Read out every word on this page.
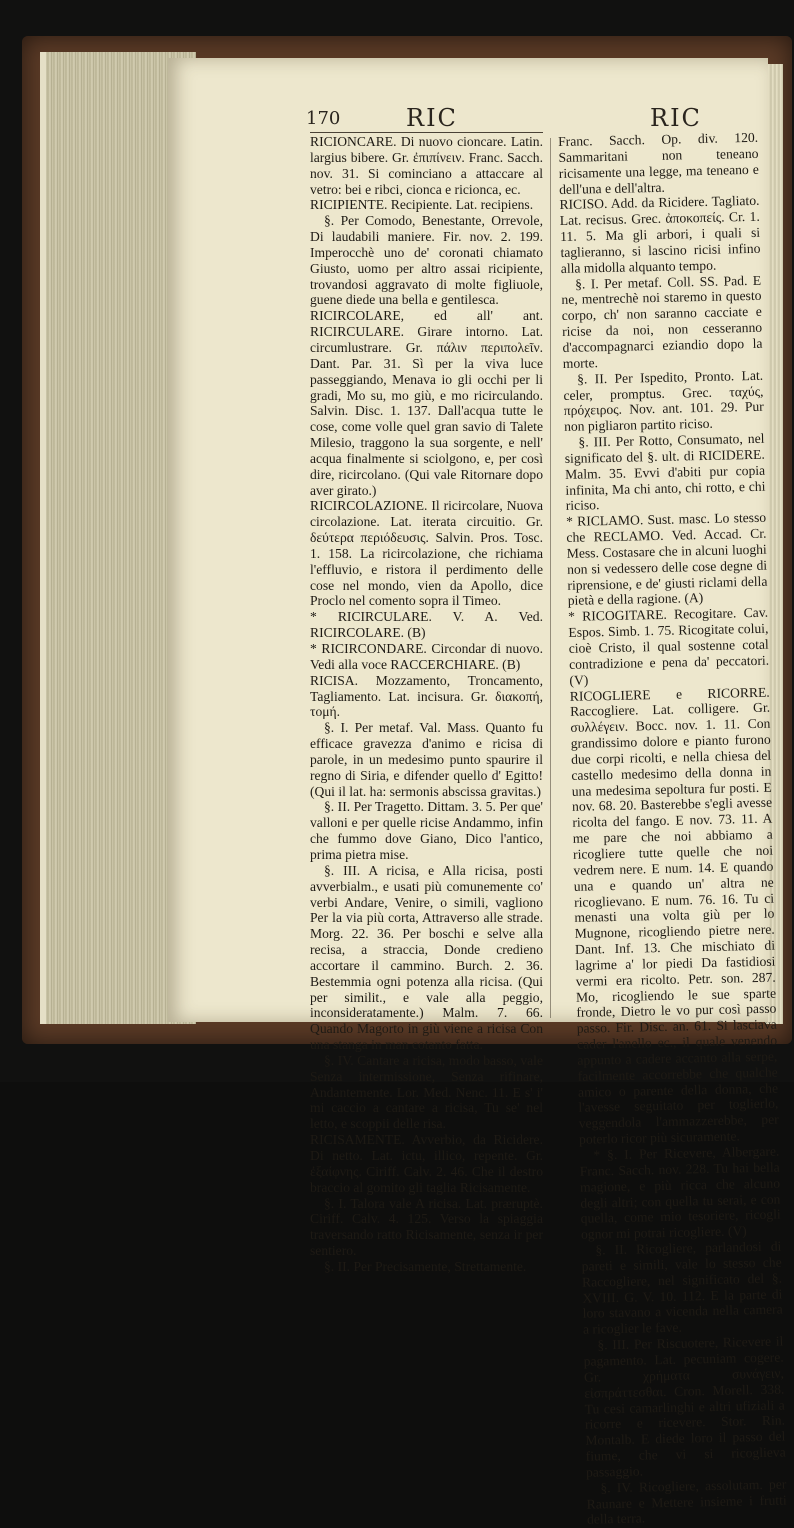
170	RIC	RIC

RICIONCARE. Di nuovo cioncare. Latin. largius bibere. Gr. ἐπιπίνειν. Franc. Sacch. nov. 31. Si cominciano a attaccare al vetro: bei e ribci, cionca e ricionca, ec.

RICIPIENTE. Recipiente. Lat. recipiens.

§. Per Comodo, Benestante, Orrevole, Di laudabili maniere. Fir. nov. 2. 199. Imperocchè uno de' coronati chiamato Giusto, uomo per altro assai ricipiente, trovandosi aggravato di molte figliuole, guene diede una bella e gentilesca.

RICIRCOLARE, ed all' ant. RICIRCULARE. Girare intorno. Lat. circumlustrare. Gr. πάλιν περιπολεῖν. Dant. Par. 31. Sì per la viva luce passeggiando, Menava io gli occhi per li gradi, Mo su, mo giù, e mo ricirculando. Salvin. Disc. 1. 137. Dall'acqua tutte le cose, come volle quel gran savio di Talete Milesio, traggono la sua sorgente, e nell' acqua finalmente si sciolgono, e, per così dire, ricircolano. (Qui vale Ritornare dopo aver girato.)

RICIRCOLAZIONE. Il ricircolare, Nuova circolazione. Lat. iterata circuitio. Gr. δεύτερα περιόδευσις. Salvin. Pros. Tosc. 1. 158. La ricircolazione, che richiama l'effluvio, e ristora il perdimento delle cose nel mondo, vien da Apollo, dice Proclo nel comento sopra il Timeo.

* RICIRCULARE. V. A. Ved. RICIRCOLARE. (B)

* RICIRCONDARE. Circondar di nuovo. Vedi alla voce RACCERCHIARE. (B)

RICISA. Mozzamento, Troncamento, Tagliamento. Lat. incisura. Gr. διακοπή, τομή.

§. I. Per metaf. Val. Mass. Quanto fu efficace gravezza d'animo e ricisa di parole, in un medesimo punto spaurire il regno di Siria, e difender quello d' Egitto! (Qui il lat. ha: sermonis abscissa gravitas.)

§. II. Per Tragetto. Dittam. 3. 5. Per que' valloni e per quelle ricise Andammo, infin che fummo dove Giano, Dico l'antico, prima pietra mise.

§. III. A ricisa, e Alla ricisa, posti avverbialm., e usati più comunemente co' verbi Andare, Venire, o simili, vagliono Per la via più corta, Attraverso alle strade. Morg. 22. 36. Per boschi e selve alla recisa, a straccia, Donde credieno accortare il cammino. Burch. 2. 36. Bestemmia ogni potenza alla ricisa. (Qui per similit., e vale alla peggio, inconsideratamente.) Malm. 7. 66. Quando Magorto in giù viene a ricisa Con una stanga in man cotanto fatta.

§. IV. Cantare a ricisa, modo basso, vale Senza intermissione, Senza rifinare, Andantemente. Lor. Med. Nenc. 11. E s' i' mi caccio a cantare a ricisa, Tu se' nel letto, e scoppii delle risa.

RICISAMENTE. Avverbio, da Ricidere. Di netto. Lat. ictu, illico, repente. Gr. ἐξαίφνης. Ciriff. Calv. 2. 46. Che il destro braccio al gomito gli taglia Ricisamente.

§. I. Talora vale A ricisa. Lat. præruptè. Ciriff. Calv. 4. 125. Verso la spiaggia traversando ratto Ricisamente, senza ir per sentiero.

§. II. Per Precisamente, Strettamente.

Franc. Sacch. Op. div. 120. Sammaritani non teneano ricisamente una legge, ma teneano e dell'una e dell'altra.

RICISO. Add. da Ricidere. Tagliato. Lat. recisus. Grec. ἀποκοπείς. Cr. 1. 11. 5. Ma gli arbori, i quali si taglieranno, si lascino ricisi infino alla midolla alquanto tempo.

§. I. Per metaf. Coll. SS. Pad. E ne, mentrechè noi staremo in questo corpo, ch' non saranno cacciate e ricise da noi, non cesseranno d'accompagnarci eziandio dopo la morte.

§. II. Per Ispedito, Pronto. Lat. celer, promptus. Grec. ταχύς, πρόχειρος. Nov. ant. 101. 29. Pur non pigliaron partito riciso.

§. III. Per Rotto, Consumato, nel significato del §. ult. di RICIDERE. Malm. 35. Evvi d'abiti pur copia infinita, Ma chi anto, chi rotto, e chi riciso.

* RICLAMO. Sust. masc. Lo stesso che RECLAMO. Ved. Accad. Cr. Mess. Costasare che in alcuni luoghi non si vedessero delle cose degne di riprensione, e de' giusti riclami della pietà e della ragione. (A)

* RICOGITARE. Recogitare. Cav. Espos. Simb. 1. 75. Ricogitate colui, cioè Cristo, il qual sostenne cotal contradizione e pena da' peccatori. (V)

RICOGLIERE e RICORRE. Raccogliere. Lat. colligere. Gr. συλλέγειν. Bocc. nov. 1. 11. Con grandissimo dolore e pianto furono due corpi ricolti, e nella chiesa del castello medesimo della donna in una medesima sepoltura fur posti. E nov. 68. 20. Basterebbe s'egli avesse ricolta del fango. E nov. 73. 11. A me pare che noi abbiamo a ricogliere tutte quelle che noi vedrem nere. E num. 14. E quando una e quando un' altra ne ricoglievano. E num. 76. 16. Tu ci menasti una volta giù per lo Mugnone, ricogliendo pietre nere. Dant. Inf. 13. Che mischiato di lagrime a' lor piedi Da fastidiosi vermi era ricolto. Petr. son. 287. Mo, ricogliendo le sue sparte fronde, Dietro le vo pur così passo passo. Fir. Disc. an. 61. Si lasciava cader l'anello ec., il quale venendo appunto a cadere accanto alla serpe, facilmente accorrebbe che qualche amico o parente della donna, che l'avesse seguitato per toglierlo, veggendola l'ammazzerebbe, per poterlo ricor più sicuramente.

* §. I. Per Ricevere, Albergare. Franc. Sacch. nov. 228. Tu hai bella magione, e più ricca che alcuno degli altri; con quella tu serai, e con quella, come mio tesoriere, ricogli ognor mi potrai ricogliere. (V)

§. II. Ricogliere, parlandosi di pareti e simili, vale lo stesso che Raccogliere, nel significato del §. XVIII. G. V. 10. 112. E la parte di loro stavano a vicenda nella camera a ricoglier le fave.

§. III. Per Riscuotere, Ricevere il pagamento. Lat. pecuniam cogere. Gr. χρήματα συνάγειν, εἰσπράττεσθαι. Cron. Morell. 338. Tu cesi camarlinghi e altri ufiziali a ricorre e ricevere. Stor. Rin. Montalb. E diede loro il passo del fiume, che vi si ricoglieva passaggio.

§. IV. Ricogliere, assolutam. per Raunare e Mettere insieme i frutti della terra.
